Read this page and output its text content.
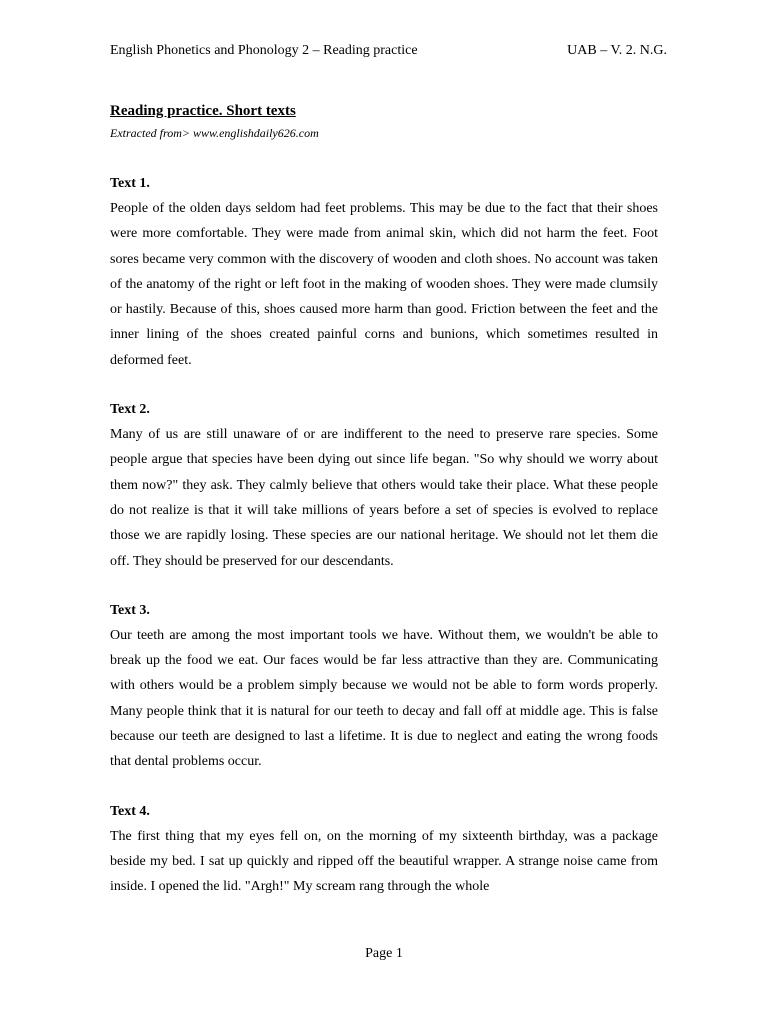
English Phonetics and Phonology 2 – Reading practice	UAB – V. 2. N.G.

Reading practice. Short texts

Extracted from> www.englishdaily626.com

Text 1.

People of the olden days seldom had feet problems. This may be due to the fact that their shoes were more comfortable. They were made from animal skin, which did not harm the feet. Foot sores became very common with the discovery of wooden and cloth shoes. No account was taken of the anatomy of the right or left foot in the making of wooden shoes. They were made clumsily or hastily. Because of this, shoes caused more harm than good. Friction between the feet and the inner lining of the shoes created painful corns and bunions, which sometimes resulted in deformed feet.

Text 2.

Many of us are still unaware of or are indifferent to the need to preserve rare species. Some people argue that species have been dying out since life began. "So why should we worry about them now?" they ask. They calmly believe that others would take their place. What these people do not realize is that it will take millions of years before a set of species is evolved to replace those we are rapidly losing. These species are our national heritage. We should not let them die off. They should be preserved for our descendants.

Text 3.

Our teeth are among the most important tools we have. Without them, we wouldn't be able to break up the food we eat. Our faces would be far less attractive than they are. Communicating with others would be a problem simply because we would not be able to form words properly. Many people think that it is natural for our teeth to decay and fall off at middle age. This is false because our teeth are designed to last a lifetime. It is due to neglect and eating the wrong foods that dental problems occur.

Text 4.

The first thing that my eyes fell on, on the morning of my sixteenth birthday, was a package beside my bed. I sat up quickly and ripped off the beautiful wrapper. A strange noise came from inside. I opened the lid. "Argh!" My scream rang through the whole

Page 1
